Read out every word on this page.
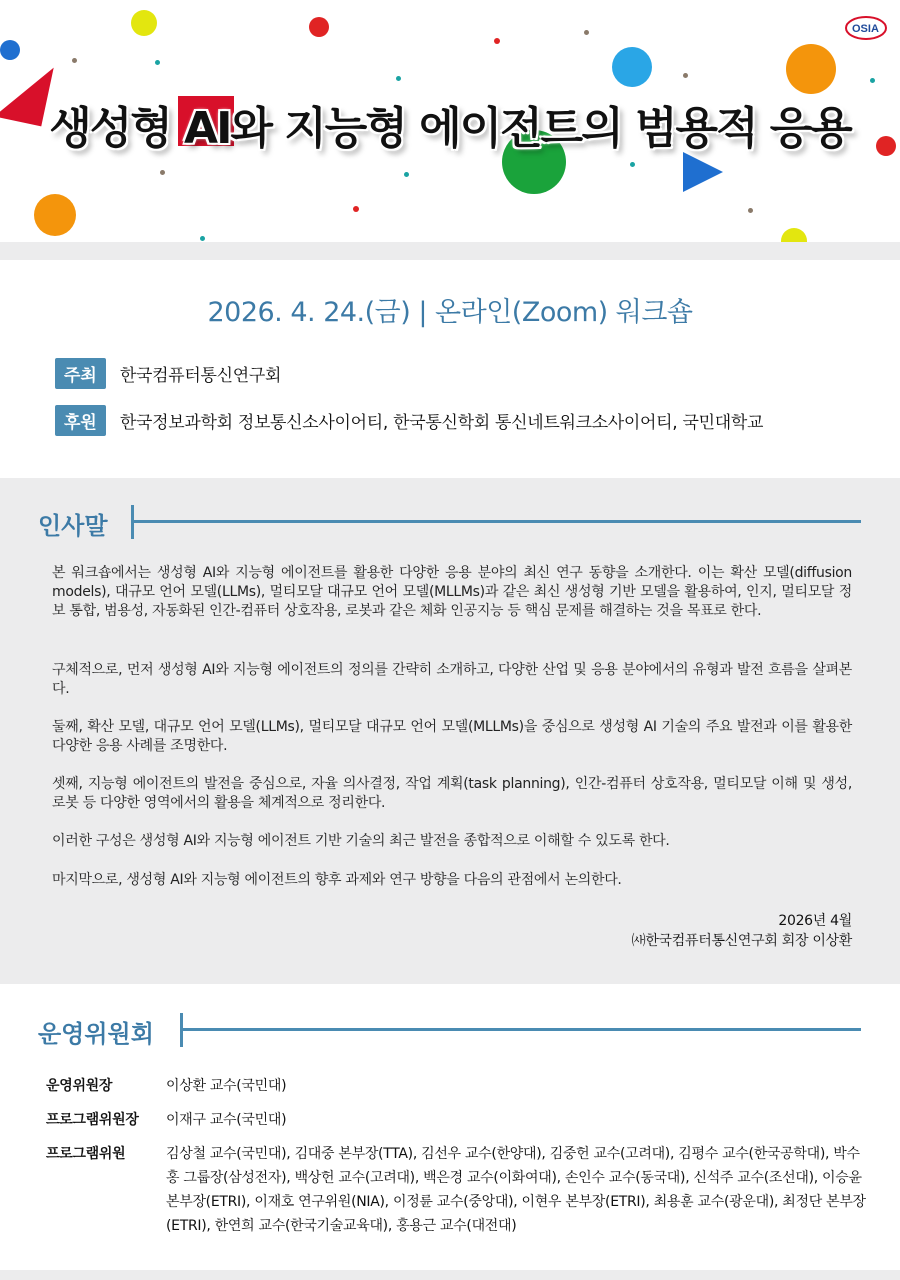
OSIA
생성형 AI와 지능형 에이전트의 범용적 응용
2026. 4. 24.(금) | 온라인(Zoom) 워크숍
주최	한국컴퓨터통신연구회
후원	한국정보과학회 정보통신소사이어티, 한국통신학회 통신네트워크소사이어티, 국민대학교
인사말
본 워크숍에서는 생성형 AI와 지능형 에이전트를 활용한 다양한 응용 분야의 최신 연구 동향을 소개한다. 이는 확산 모델(diffusion models), 대규모 언어 모델(LLMs), 멀티모달 대규모 언어 모델(MLLMs)과 같은 최신 생성형 기반 모델을 활용하여, 인지, 멀티모달 정보 통합, 범용성, 자동화된 인간-컴퓨터 상호작용, 로봇과 같은 체화 인공지능 등 핵심 문제를 해결하는 것을 목표로 한다.
구체적으로, 먼저 생성형 AI와 지능형 에이전트의 정의를 간략히 소개하고, 다양한 산업 및 응용 분야에서의 유형과 발전 흐름을 살펴본다.
둘째, 확산 모델, 대규모 언어 모델(LLMs), 멀티모달 대규모 언어 모델(MLLMs)을 중심으로 생성형 AI 기술의 주요 발전과 이를 활용한 다양한 응용 사례를 조명한다.
셋째, 지능형 에이전트의 발전을 중심으로, 자율 의사결정, 작업 계획(task planning), 인간-컴퓨터 상호작용, 멀티모달 이해 및 생성, 로봇 등 다양한 영역에서의 활용을 체계적으로 정리한다.
이러한 구성은 생성형 AI와 지능형 에이전트 기반 기술의 최근 발전을 종합적으로 이해할 수 있도록 한다.
마지막으로, 생성형 AI와 지능형 에이전트의 향후 과제와 연구 방향을 다음의 관점에서 논의한다.
2026년 4월
㈔한국컴퓨터통신연구회 회장 이상환
운영위원회
운영위원장	이상환 교수(국민대)
프로그램위원장	이재구 교수(국민대)
프로그램위원	김상철 교수(국민대), 김대중 본부장(TTA), 김선우 교수(한양대), 김중헌 교수(고려대), 김평수 교수(한국공학대), 박수홍 그룹장(삼성전자), 백상헌 교수(고려대), 백은경 교수(이화여대), 손인수 교수(동국대), 신석주 교수(조선대), 이승윤 본부장(ETRI), 이재호 연구위원(NIA), 이정륜 교수(중앙대), 이현우 본부장(ETRI), 최용훈 교수(광운대), 최정단 본부장(ETRI), 한연희 교수(한국기술교육대), 홍용근 교수(대전대)
